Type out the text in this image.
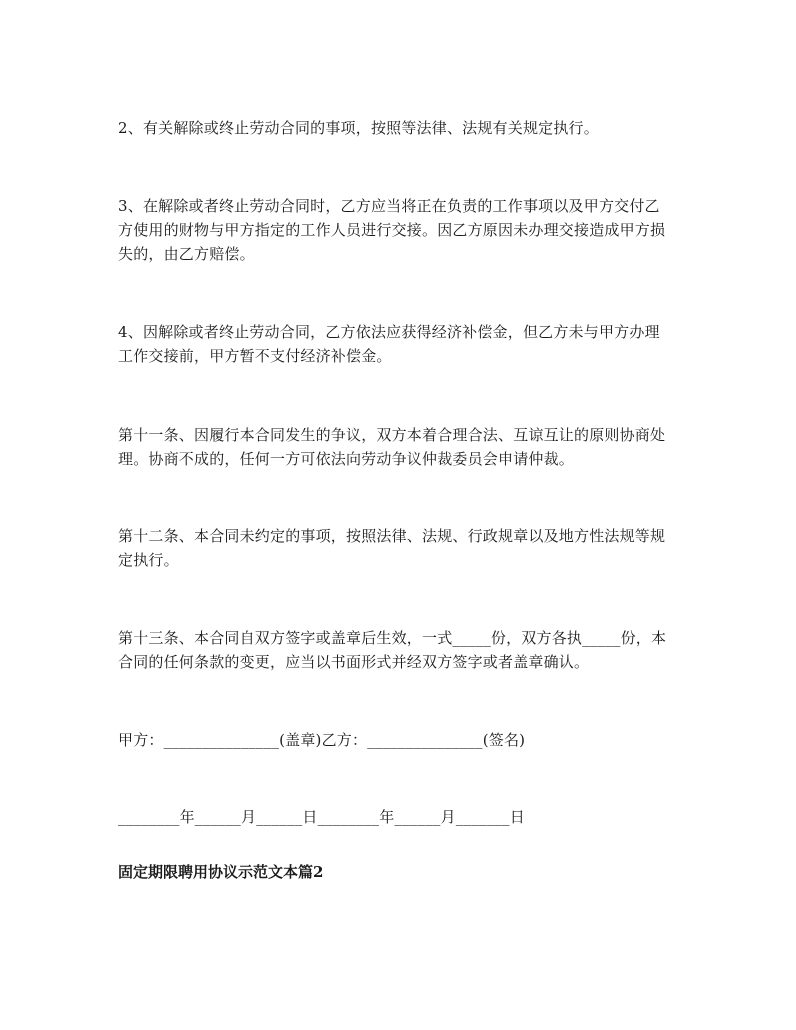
2、有关解除或终止劳动合同的事项，按照等法律、法规有关规定执行。
3、在解除或者终止劳动合同时，乙方应当将正在负责的工作事项以及甲方交付乙
方使用的财物与甲方指定的工作人员进行交接。因乙方原因未办理交接造成甲方损
失的，由乙方赔偿。
4、因解除或者终止劳动合同，乙方依法应获得经济补偿金，但乙方未与甲方办理
工作交接前，甲方暂不支付经济补偿金。
第十一条、因履行本合同发生的争议，双方本着合理合法、互谅互让的原则协商处
理。协商不成的，任何一方可依法向劳动争议仲裁委员会申请仲裁。
第十二条、本合同未约定的事项，按照法律、法规、行政规章以及地方性法规等规
定执行。
第十三条、本合同自双方签字或盖章后生效，一式_____份，双方各执_____份，本
合同的任何条款的变更，应当以书面形式并经双方签字或者盖章确认。
甲方：_______________(盖章)乙方：_______________(签名)
________年______月______日________年______月_______日
固定期限聘用协议示范文本篇2
